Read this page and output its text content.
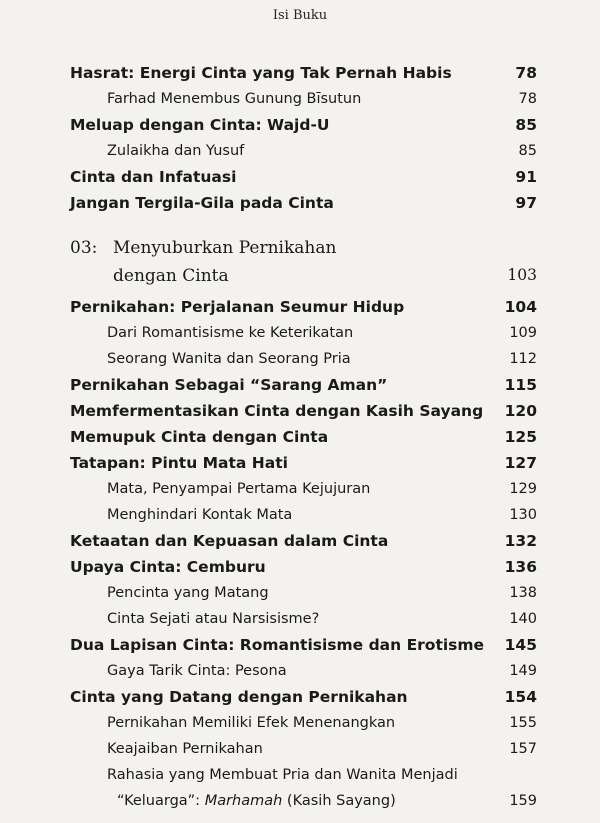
Isi Buku
Hasrat: Energi Cinta yang Tak Pernah Habis	78
Farhad Menembus Gunung Bīsutun	78
Meluap dengan Cinta: Wajd-U	85
Zulaikha dan Yusuf	85
Cinta dan Infatuasi	91
Jangan Tergila-Gila pada Cinta	97
03: Menyuburkan Pernikahan
dengan Cinta	103
Pernikahan: Perjalanan Seumur Hidup	104
Dari Romantisisme ke Keterikatan	109
Seorang Wanita dan Seorang Pria	112
Pernikahan Sebagai “Sarang Aman”	115
Memfermentasikan Cinta dengan Kasih Sayang 120
Memupuk Cinta dengan Cinta	125
Tatapan: Pintu Mata Hati	127
Mata, Penyampai Pertama Kejujuran	129
Menghindari Kontak Mata	130
Ketaatan dan Kepuasan dalam Cinta	132
Upaya Cinta: Cemburu	136
Pencinta yang Matang	138
Cinta Sejati atau Narsisisme?	140
Dua Lapisan Cinta: Romantisisme dan Erotisme 145
Gaya Tarik Cinta: Pesona	149
Cinta yang Datang dengan Pernikahan	154
Pernikahan Memiliki Efek Menenangkan	155
Keajaiban Pernikahan	157
Rahasia yang Membuat Pria dan Wanita Menjadi
“Keluarga”: Marhamah (Kasih Sayang)	159
